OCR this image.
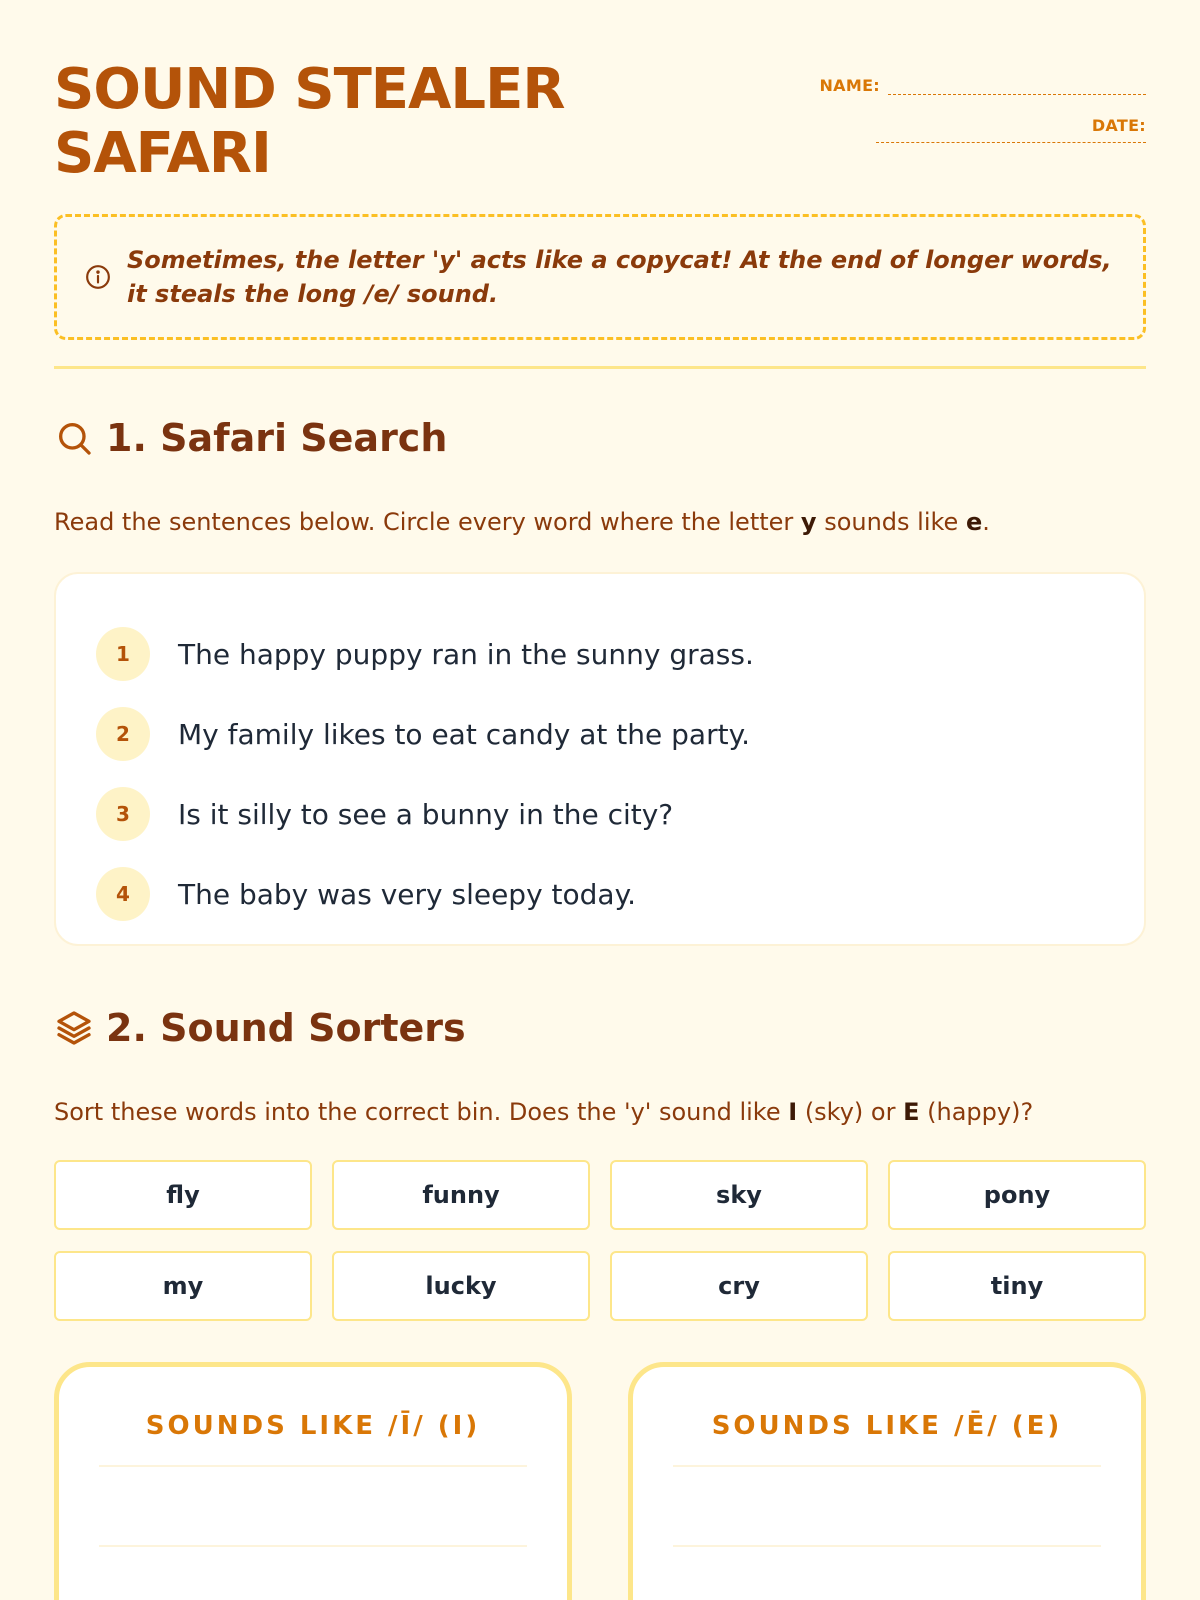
SOUND STEALER SAFARI
NAME:
DATE:

Sometimes, the letter 'y' acts like a copycat! At the end of longer words, it steals the long /e/ sound.

1. Safari Search

Read the sentences below. Circle every word where the letter y sounds like e.

1	The happy puppy ran in the sunny grass.
2	My family likes to eat candy at the party.
3	Is it silly to see a bunny in the city?
4	The baby was very sleepy today.
2. Sound Sorters

Sort these words into the correct bin. Does the 'y' sound like I (sky) or E (happy)?

fly	funny	sky	pony
my	lucky	cry	tiny
SOUNDS LIKE /Ī/ (I)	SOUNDS LIKE /Ē/ (E)
